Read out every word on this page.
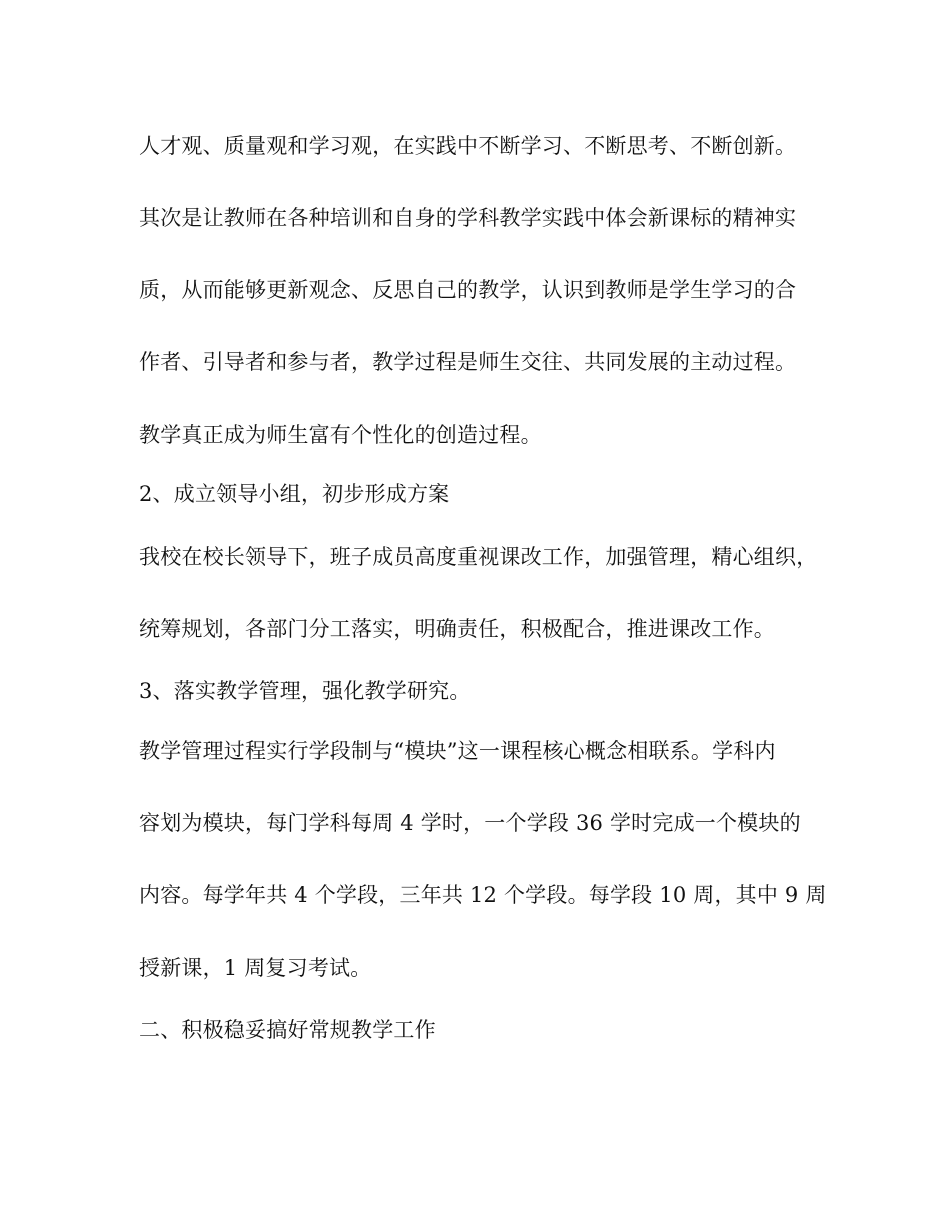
人才观、质量观和学习观，在实践中不断学习、不断思考、不断创新。
其次是让教师在各种培训和自身的学科教学实践中体会新课标的精神实
质，从而能够更新观念、反思自己的教学，认识到教师是学生学习的合
作者、引导者和参与者，教学过程是师生交往、共同发展的主动过程。
教学真正成为师生富有个性化的创造过程。
2、成立领导小组，初步形成方案
我校在校长领导下，班子成员高度重视课改工作，加强管理，精心组织，
统筹规划，各部门分工落实，明确责任，积极配合，推进课改工作。
3、落实教学管理，强化教学研究。
教学管理过程实行学段制与“模块”这一课程核心概念相联系。学科内
容划为模块，每门学科每周 4 学时，一个学段 36 学时完成一个模块的
内容。每学年共 4 个学段，三年共 12 个学段。每学段 10 周，其中 9 周
授新课，1 周复习考试。
二、积极稳妥搞好常规教学工作
